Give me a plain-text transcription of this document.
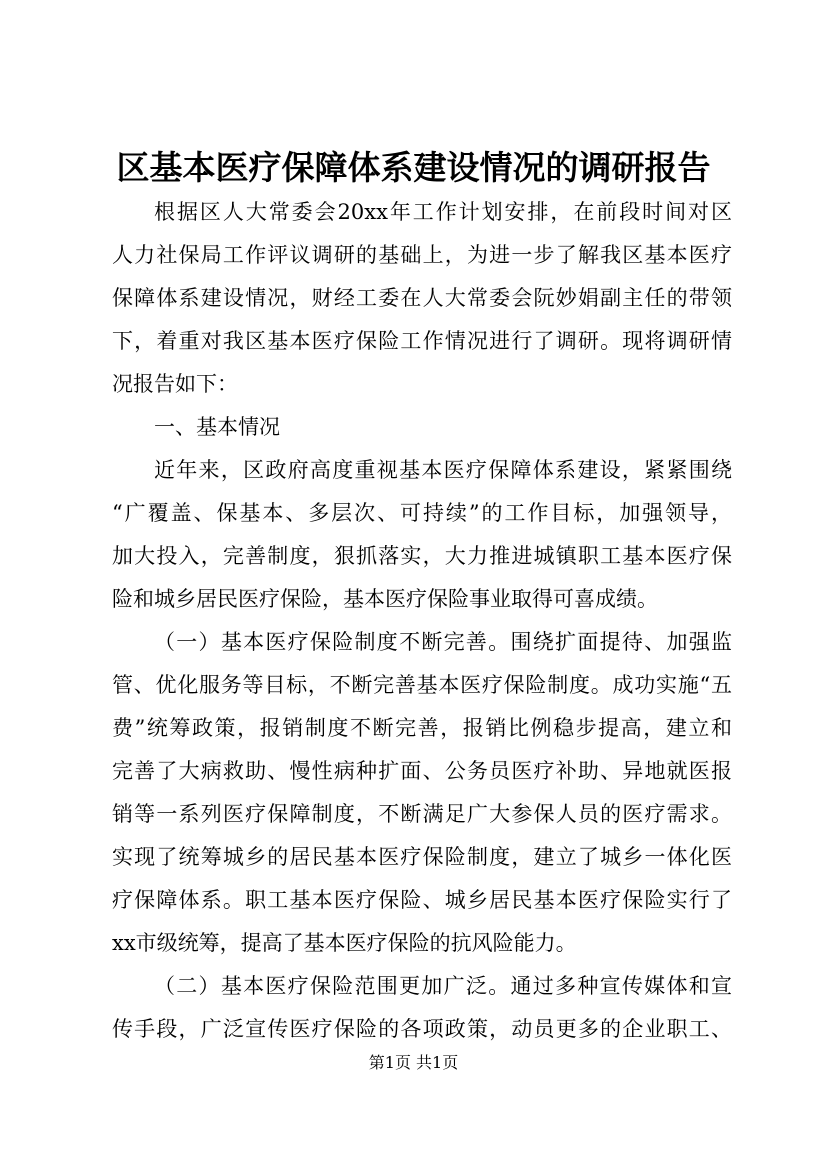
区基本医疗保障体系建设情况的调研报告
根据区人大常委会20xx年工作计划安排，在前段时间对区
人力社保局工作评议调研的基础上，为进一步了解我区基本医疗
保障体系建设情况，财经工委在人大常委会阮妙娟副主任的带领
下，着重对我区基本医疗保险工作情况进行了调研。现将调研情
况报告如下：
一、基本情况
近年来，区政府高度重视基本医疗保障体系建设，紧紧围绕
“广覆盖、保基本、多层次、可持续”的工作目标，加强领导，
加大投入，完善制度，狠抓落实，大力推进城镇职工基本医疗保
险和城乡居民医疗保险，基本医疗保险事业取得可喜成绩。
（一）基本医疗保险制度不断完善。围绕扩面提待、加强监
管、优化服务等目标，不断完善基本医疗保险制度。成功实施“五
费”统筹政策，报销制度不断完善，报销比例稳步提高，建立和
完善了大病救助、慢性病种扩面、公务员医疗补助、异地就医报
销等一系列医疗保障制度，不断满足广大参保人员的医疗需求。
实现了统筹城乡的居民基本医疗保险制度，建立了城乡一体化医
疗保障体系。职工基本医疗保险、城乡居民基本医疗保险实行了
xx市级统筹，提高了基本医疗保险的抗风险能力。
（二）基本医疗保险范围更加广泛。通过多种宣传媒体和宣
传手段，广泛宣传医疗保险的各项政策，动员更多的企业职工、
第1页 共1页
